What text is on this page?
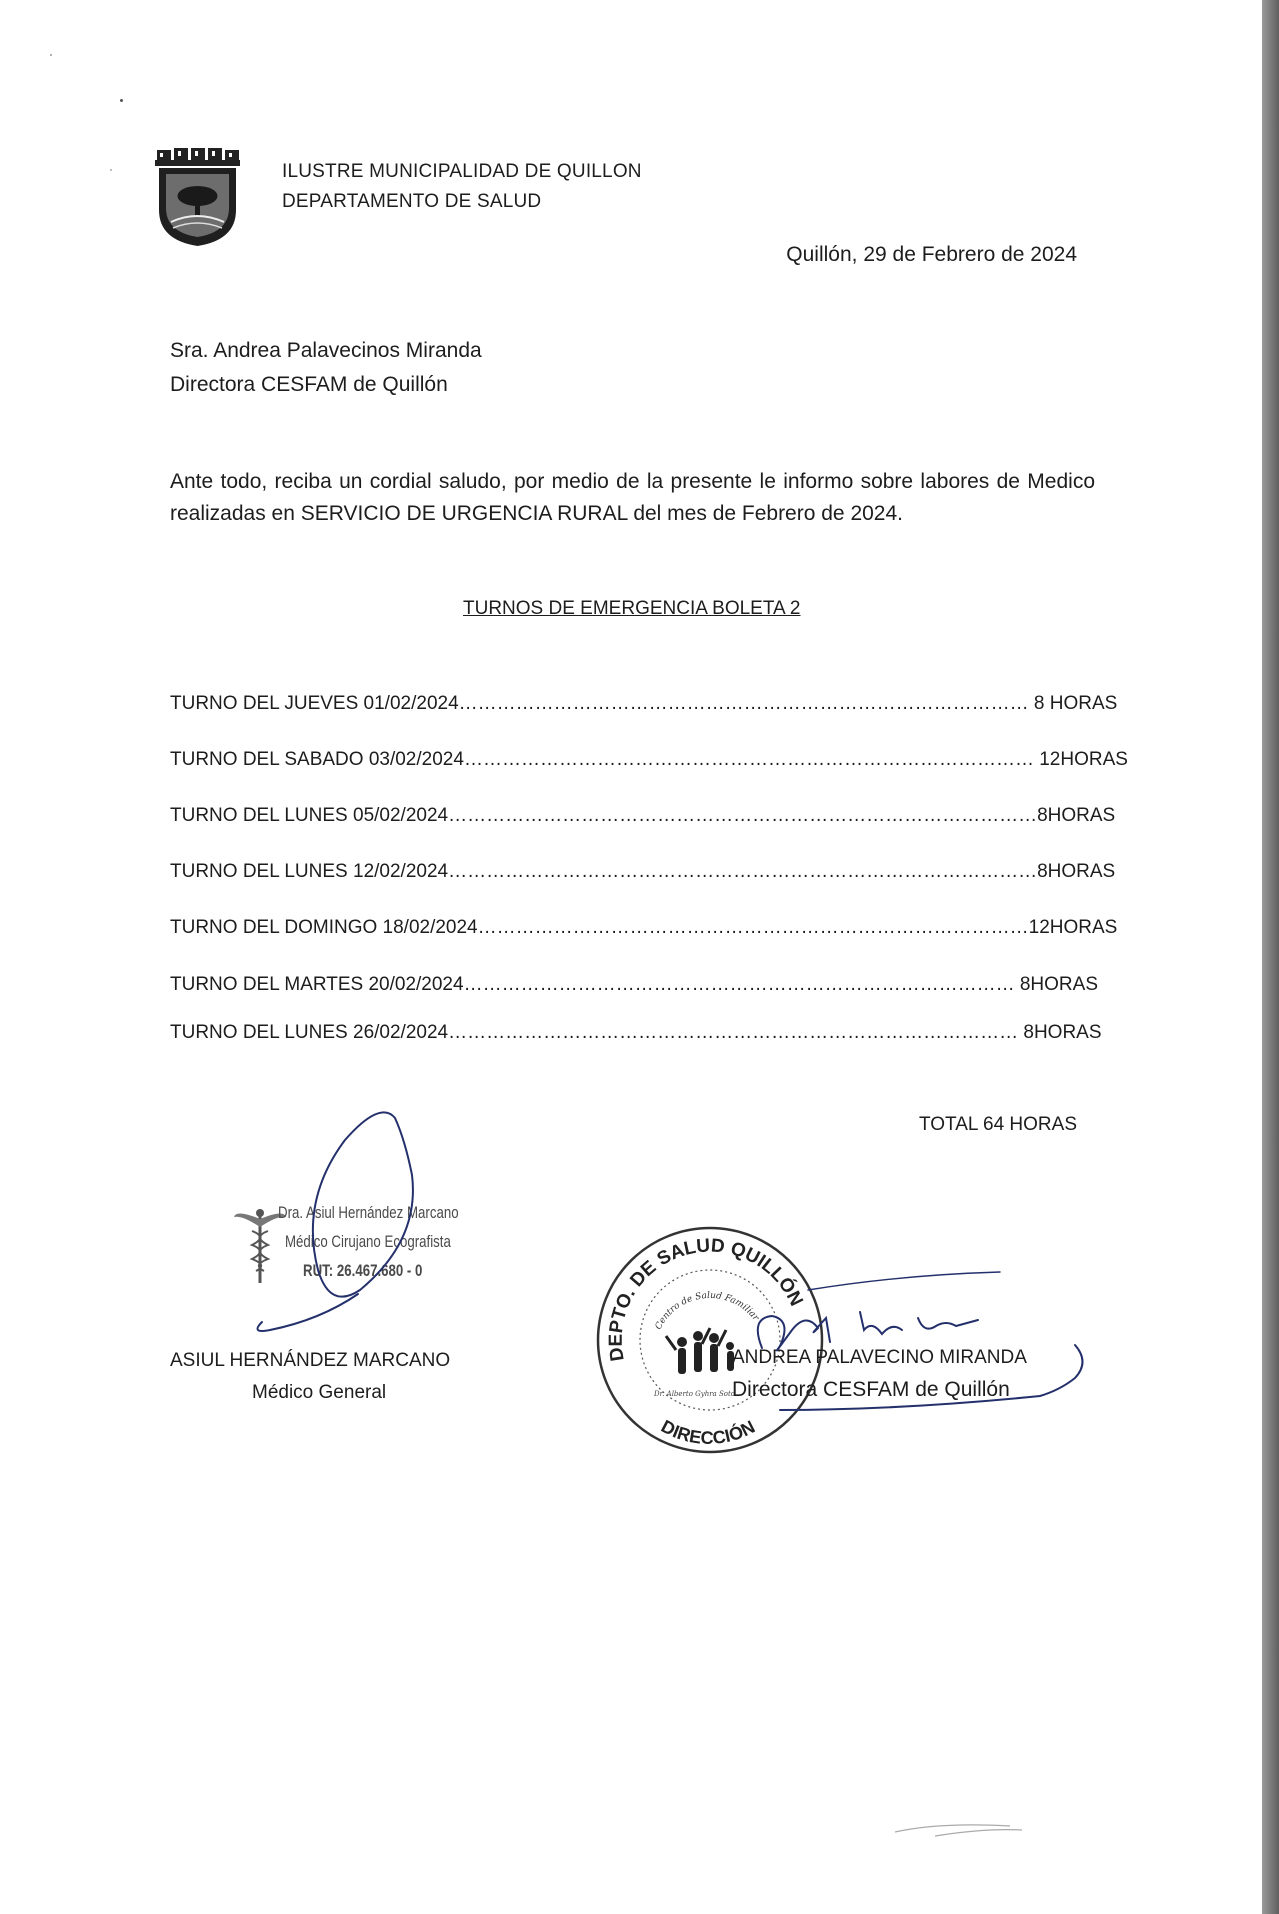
ILUSTRE MUNICIPALIDAD DE QUILLON
DEPARTAMENTO DE SALUD
Quillón, 29 de Febrero de 2024
Sra. Andrea Palavecinos Miranda
Directora CESFAM de Quillón
Ante todo, reciba un cordial saludo, por medio de la presente le informo sobre labores de Medico realizadas en SERVICIO DE URGENCIA RURAL del mes de Febrero de 2024.
TURNOS DE EMERGENCIA BOLETA 2
TURNO DEL JUEVES 01/02/2024……………………………………………………………………………… 8 HORAS
TURNO DEL SABADO 03/02/2024……………………………………………………………………………… 12HORAS
TURNO DEL LUNES 05/02/2024…………………………………………………………………………………8HORAS
TURNO DEL LUNES 12/02/2024…………………………………………………………………………………8HORAS
TURNO DEL DOMINGO 18/02/2024……………………………………………………………………………12HORAS
TURNO DEL MARTES 20/02/2024…………………………………………………………………………… 8HORAS
TURNO DEL LUNES 26/02/2024……………………………………………………………………………… 8HORAS
TOTAL 64 HORAS
Dra. Asiul Hernández Marcano
Médico Cirujano Ecografista
RUT: 26.467.680 - 0
ASIUL HERNÁNDEZ MARCANO
Médico General
DEPTO. DE SALUD QUILLÓN
DIRECCIÓN
Centro de Salud Familiar
Dr. Alberto Gyhra Soto
ANDREA PALAVECINO MIRANDA
Directora CESFAM de Quillón
